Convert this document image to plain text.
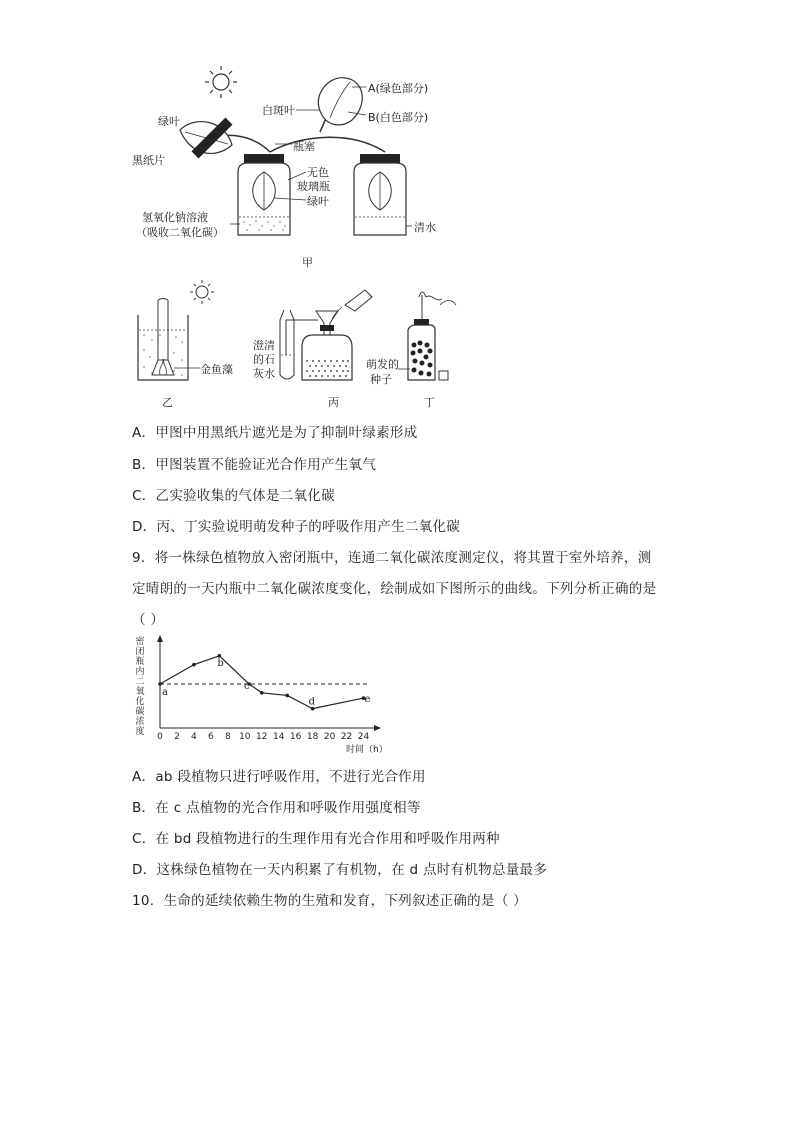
绿叶
黑纸片
白斑叶
A(绿色部分)
B(白色部分)
瓶塞
无色
玻璃瓶
绿叶
氢氧化钠溶液
（吸收二氧化碳）	清水
甲
金鱼藻
澄清
的石
灰水
萌发的
种子
乙	丙	丁
A．甲图中用黑纸片遮光是为了抑制叶绿素形成
B．甲图装置不能验证光合作用产生氧气
C．乙实验收集的气体是二氧化碳
D．丙、丁实验说明萌发种子的呼吸作用产生二氧化碳
9．将一株绿色植物放入密闭瓶中，连通二氧化碳浓度测定仪，将其置于室外培养，测
定晴朗的一天内瓶中二氧化碳浓度变化，绘制成如下图所示的曲线。下列分析正确的是
（ ）
密
闭
瓶
内
二
氧
化
碳
浓
度 0 2 4 6 8 10 12 14 16 18 20 22 24
时间（h）
a
b
c
d	e
A．ab 段植物只进行呼吸作用，不进行光合作用
B．在 c 点植物的光合作用和呼吸作用强度相等
C．在 bd 段植物进行的生理作用有光合作用和呼吸作用两种
D．这株绿色植物在一天内积累了有机物，在 d 点时有机物总量最多
10．生命的延续依赖生物的生殖和发育，下列叙述正确的是（ ）
